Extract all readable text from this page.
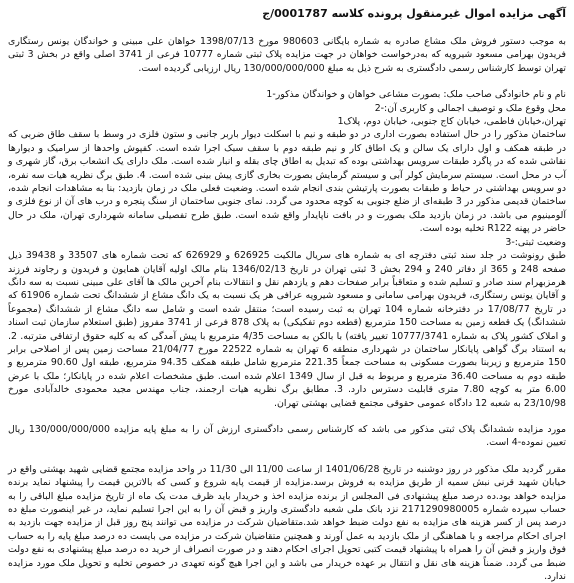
آگهی مزایده اموال غیرمنقول پرونده کلاسه 0001787/ج

به موجب دستور فروش ملک مشاع صادره به شماره بایگانی 980603 مورخ 1398/07/13 خواهان علی مبینی و خواندگان یونس رستگاری فریدون بهرامی مسعود شیرویه که به‌درخواست خواهان در جهت مزایده پلاک ثبتی شماره 10777 فرعی از 3741 اصلی واقع در بخش 3 ثبتی تهران توسط کارشناس رسمی دادگستری به شرح ذیل به مبلغ 130/000/000/000 ریال ارزیابی گردیده است.

نام و نام خانوادگی صاحب ملک: بصورت مشاعی خواهان و خواندگان مذکور-1

محل وقوع ملک و توصیف اجمالی و کاربری آن:-2

تهران،خیابان فاطمی، خیابان کاج جنوبی، خیابان دوم، پلاک1

ساختمان مذکور را در حال استفاده بصورت اداری در دو طبقه و نیم با اسکلت دیوار باربر جانبی و ستون فلزی در وسط با سقف طاق ضربی که در طبقه همکف و اول دارای یک سالن و یک اطاق کار و نیم طبقه دوم با سقف سبک اجرا شده است. کفپوش واحدها از سرامیک و دیوارها نقاشی شده که در پاگرد طبقات سرویس بهداشتی بوده که تبدیل به اطاق چای بقله و انبار شده است. ملک دارای یک انشعاب برق، گاز شهری و آب در محل است. سیستم سرمایش کولر آبی و سیستم گرمایش بصورت بخاری گازی پیش بینی شده است. 4. طبق برگ نظریه هیات سه نفره، دو سرویس بهداشتی در حیاط و طبقات بصورت پارتیشن بندی انجام شده است. وضعیت فعلی ملک در زمان بازدید: بنا به مشاهدات انجام شده، ساختمان قدیمی مذکور در 3 طبقه‌ای از ضلع جنوبی به کوچه محدود می گردد. نمای جنوبی ساختمان از سنگ پنجره و درب های آن از نوع فلزی و آلومینیوم می باشد. در زمان بازدید ملک بصورت و در بافت ناپایدار واقع شده است. طبق طرح تفصیلی سامانه شهرداری تهران، ملک در حال حاضر در پهنه R122 تخلیه بوده است.

وضعیت ثبتی:-3

طبق رونوشت در جلد سند ثبتی دفترچه ای به شماره های سریال مالکیت 626925 و 626929 که تحت شماره های 33507 و 39438 ذیل صفحه 248 و 365 از دفاتر 240 و 294 بخش 3 ثبتی تهران در تاریخ 1346/02/13 بنام مالک اولیه آقایان همایون و فریدون و رجاوند فرزند هرمزبهرام سند صادر و تسلیم شده و متعاقباً برابر صفحات دهم و یازدهم نقل و انتقالات بنام آخرین مالک ها آقای علی مبینی نسبت به سه دانگ و آقایان یونس رستگاری، فریدون بهرامی سامانی و مسعود شیرویه عرافی هر یک نسبت به یک دانگ مشاع از ششدانگ تحت شماره 61906 که در تاریخ 17/08/77 در دفترخانه شماره 104 تهران به ثبت رسیده است؛ منتقل شده است و شامل سه دانگ مشاع از ششدانگ (مجموعاً ششدانگ) یک قطعه زمین به مساحت 150 مترمربع (قطعه دوم تفکیکی) به پلاک 878 فرعی از 3741 مفروز (طبق استعلام سازمان ثبت اسناد و املاک کشور پلاک به شماره 10777/3741 تغییر یافته) با بالکن به مساحت 4/35 مترمربع با پیش آمدگی که به کلیه حقوق ارتفاقی مترتبه. 2. به استناد برگ گواهی پایانکار ساختمان در شهرداری منطقه 6 تهران به شماره 22522 مورخ 21/04/77 مساحت زمین پس از اصلاحی برابر 150 مترمربع و زیربنا بصورت مسکونی به مساحت جمعاً 221.35 مترمربع شامل طبقه همکف 94.35 مترمربع، طبقه اول 90.60 مترمربع و طبقه دوم به مساحت 36.40 مترمربع و مربوط به قبل از سال 1349 اعلام شده است. طبق مشخصات اعلام شده در پایانکار؛ ملک با عرض 6.00 متر به کوچه 7.80 متری قابلیت دسترس دارد. 3. مطابق برگ نظریه هیات ارجمند، جناب مهندس مجید محمودی خالدآبادی مورخ 23/10/98 به شعبه 12 دادگاه عمومی حقوقی مجتمع قضایی بهشتی تهران.

مورد مزایده ششدانگ پلاک ثبتی مذکور می باشد که کارشناس رسمی دادگستری ارزش آن را به مبلغ پایه مزایده 130/000/000/000 ریال تعیین نموده-4 است.

مقرر گردید ملک مذکور در روز دوشنبه در تاریخ 1401/06/28 از ساعت 11/00 الی 11/30 در واحد مزایده مجتمع قضایی شهید بهشتی واقع در خیابان شهید قرنی نبش سمیه از طریق مزایده به فروش برسد.مزایده از قیمت پایه شروع و کسی که بالاترین قیمت را پیشنهاد نماید برنده مزایده خواهد بود.ده درصد مبلغ پیشنهادی فی المجلس از برنده مزایده اخذ و خریدار باید ظرف مدت یک ماه از تاریخ مزایده مبلغ الباقی را به حساب سپرده شماره 2171290980005 نزد بانک ملی شعبه دادگستری واریز و قبض آن را به این اجرا تسلیم نماید، در غیر اینصورت مبلغ ده درصد پس از کسر هزینه های مزایده به نفع دولت ضبط خواهد شد.متقاضیان شرکت در مزایده می توانند پنج روز قبل از مزایده جهت بازدید به اجرای احکام مراجعه و با هماهنگی از ملک بازدید به عمل آورند و همچنین متقاضیان شرکت در مزایده می بایست ده درصد مبلغ پایه را به حساب فوق واریز و قبض آن را همراه با پیشنهاد قیمت کتبی تحویل اجرای احکام دهند و در صورت انصراف از خرید ده درصد مبلغ پیشنهادی به نفع دولت ضبط می گردد. ضمناً هزینه های نقل و انتقال بر عهده خریدار می باشد و این اجرا هیچ گونه تعهدی در خصوص تخلیه و تحویل ملک مورد مزایده ندارد.
